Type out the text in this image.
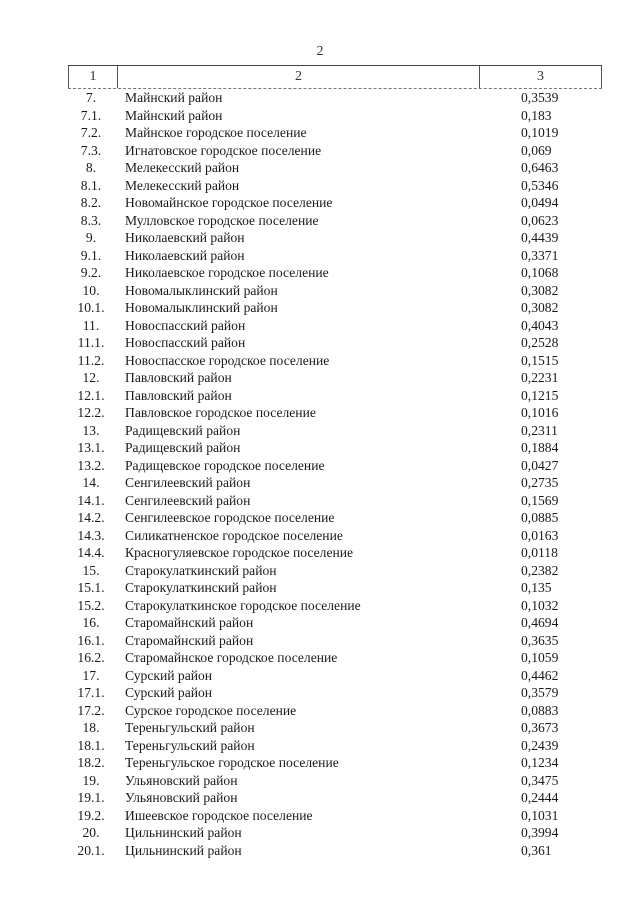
2
1	2	3
7.	Майнский район	0,3539
7.1.	Майнский район	0,183
7.2.	Майнское городское поселение	0,1019
7.3.	Игнатовское городское поселение	0,069
8.	Мелекесский район	0,6463
8.1.	Мелекесский район	0,5346
8.2.	Новомайнское городское поселение	0,0494
8.3.	Мулловское городское поселение	0,0623
9.	Николаевский район	0,4439
9.1.	Николаевский район	0,3371
9.2.	Николаевское городское поселение	0,1068
10.	Новомалыклинский район	0,3082
10.1.	Новомалыклинский район	0,3082
11.	Новоспасский район	0,4043
11.1.	Новоспасский район	0,2528
11.2.	Новоспасское городское поселение	0,1515
12.	Павловский район	0,2231
12.1.	Павловский район	0,1215
12.2.	Павловское городское поселение	0,1016
13.	Радищевский район	0,2311
13.1.	Радищевский район	0,1884
13.2.	Радищевское городское поселение	0,0427
14.	Сенгилеевский район	0,2735
14.1.	Сенгилеевский район	0,1569
14.2.	Сенгилеевское городское поселение	0,0885
14.3.	Силикатненское городское поселение	0,0163
14.4.	Красногуляевское городское поселение	0,0118
15.	Старокулаткинский район	0,2382
15.1.	Старокулаткинский район	0,135
15.2.	Старокулаткинское городское поселение	0,1032
16.	Старомайнский район	0,4694
16.1.	Старомайнский район	0,3635
16.2.	Старомайнское городское поселение	0,1059
17.	Сурский район	0,4462
17.1.	Сурский район	0,3579
17.2.	Сурское городское поселение	0,0883
18.	Тереньгульский район	0,3673
18.1.	Тереньгульский район	0,2439
18.2.	Тереньгульское городское поселение	0,1234
19.	Ульяновский район	0,3475
19.1.	Ульяновский район	0,2444
19.2.	Ишеевское городское поселение	0,1031
20.	Цильнинский район	0,3994
20.1.	Цильнинский район	0,361
